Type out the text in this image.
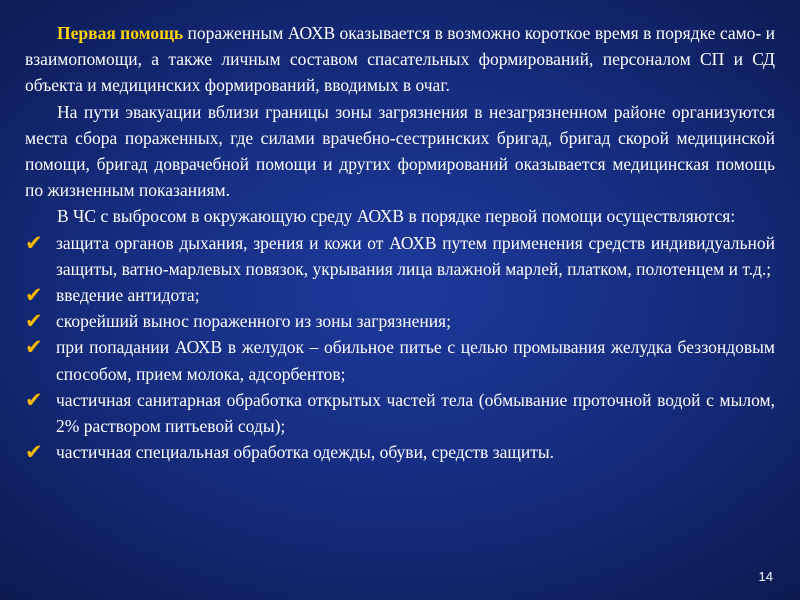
Первая помощь пораженным АОХВ оказывается в возможно короткое время в порядке само- и взаимопомощи, а также личным составом спасательных формирований, персоналом СП и СД объекта и медицинских формирований, вводимых в очаг.

На пути эвакуации вблизи границы зоны загрязнения в незагрязненном районе организуются места сбора пораженных, где силами врачебно-сестринских бригад, бригад скорой медицинской помощи, бригад доврачебной помощи и других формирований оказывается медицинская помощь по жизненным показаниям.

В ЧС с выбросом в окружающую среду АОХВ в порядке первой помощи осуществляются:

✔ защита органов дыхания, зрения и кожи от АОХВ путем применения средств индивидуальной защиты, ватно-марлевых повязок, укрывания лица влажной марлей, платком, полотенцем и т.д.;
✔ введение антидота;
✔ скорейший вынос пораженного из зоны загрязнения;
✔ при попадании АОХВ в желудок – обильное питье с целью промывания желудка беззондовым способом, прием молока, адсорбентов;
✔ частичная санитарная обработка открытых частей тела (обмывание проточной водой с мылом, 2% раствором питьевой соды);
✔ частичная специальная обработка одежды, обуви, средств защиты.
14
